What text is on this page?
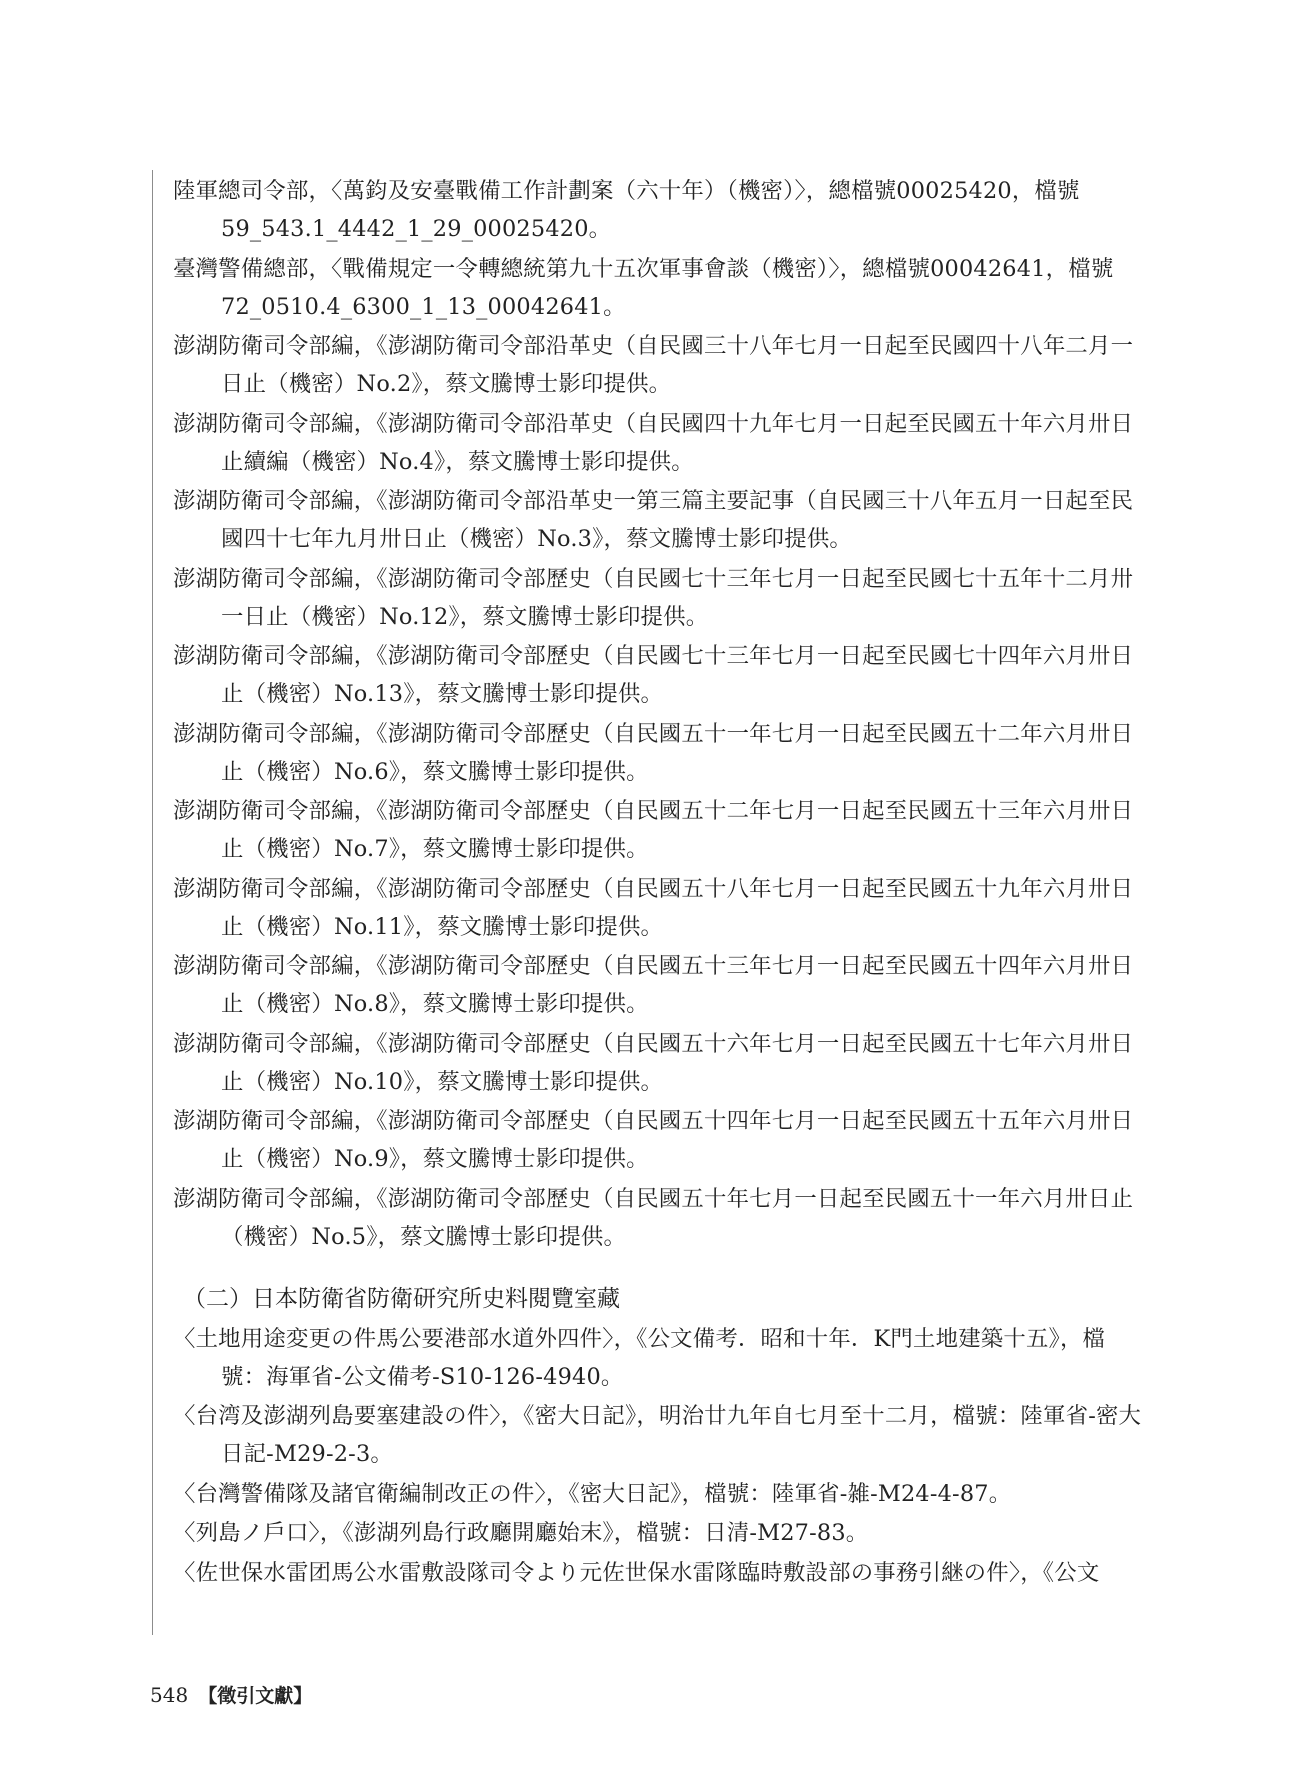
陸軍總司令部，〈萬鈞及安臺戰備工作計劃案（六十年）（機密）〉，總檔號00025420，檔號59_543.1_4442_1_29_00025420。

臺灣警備總部，〈戰備規定一令轉總統第九十五次軍事會談（機密）〉，總檔號00042641，檔號72_0510.4_6300_1_13_00042641。

澎湖防衛司令部編，《澎湖防衛司令部沿革史（自民國三十八年七月一日起至民國四十八年二月一日止（機密）No.2》，蔡文騰博士影印提供。

澎湖防衛司令部編，《澎湖防衛司令部沿革史（自民國四十九年七月一日起至民國五十年六月卅日止續編（機密）No.4》，蔡文騰博士影印提供。

澎湖防衛司令部編，《澎湖防衛司令部沿革史一第三篇主要記事（自民國三十八年五月一日起至民國四十七年九月卅日止（機密）No.3》，蔡文騰博士影印提供。

澎湖防衛司令部編，《澎湖防衛司令部歷史（自民國七十三年七月一日起至民國七十五年十二月卅一日止（機密）No.12》，蔡文騰博士影印提供。

澎湖防衛司令部編，《澎湖防衛司令部歷史（自民國七十三年七月一日起至民國七十四年六月卅日止（機密）No.13》，蔡文騰博士影印提供。

澎湖防衛司令部編，《澎湖防衛司令部歷史（自民國五十一年七月一日起至民國五十二年六月卅日止（機密）No.6》，蔡文騰博士影印提供。

澎湖防衛司令部編，《澎湖防衛司令部歷史（自民國五十二年七月一日起至民國五十三年六月卅日止（機密）No.7》，蔡文騰博士影印提供。

澎湖防衛司令部編，《澎湖防衛司令部歷史（自民國五十八年七月一日起至民國五十九年六月卅日止（機密）No.11》，蔡文騰博士影印提供。

澎湖防衛司令部編，《澎湖防衛司令部歷史（自民國五十三年七月一日起至民國五十四年六月卅日止（機密）No.8》，蔡文騰博士影印提供。

澎湖防衛司令部編，《澎湖防衛司令部歷史（自民國五十六年七月一日起至民國五十七年六月卅日止（機密）No.10》，蔡文騰博士影印提供。

澎湖防衛司令部編，《澎湖防衛司令部歷史（自民國五十四年七月一日起至民國五十五年六月卅日止（機密）No.9》，蔡文騰博士影印提供。

澎湖防衛司令部編，《澎湖防衛司令部歷史（自民國五十年七月一日起至民國五十一年六月卅日止（機密）No.5》，蔡文騰博士影印提供。

（二）日本防衛省防衛研究所史料閱覽室藏

〈土地用途変更の件馬公要港部水道外四件〉，《公文備考．昭和十年．K門土地建築十五》，檔號：海軍省-公文備考-S10-126-4940。

〈台湾及澎湖列島要塞建設の件〉，《密大日記》，明治廿九年自七月至十二月，檔號：陸軍省-密大日記-M29-2-3。

〈台灣警備隊及諸官衛編制改正の件〉，《密大日記》，檔號：陸軍省-雑-M24-4-87。

〈列島ノ戶口〉，《澎湖列島行政廳開廳始末》，檔號：日清-M27-83。

〈佐世保水雷团馬公水雷敷設隊司令より元佐世保水雷隊臨時敷設部の事務引継の件〉，《公文

548 【徵引文獻】
